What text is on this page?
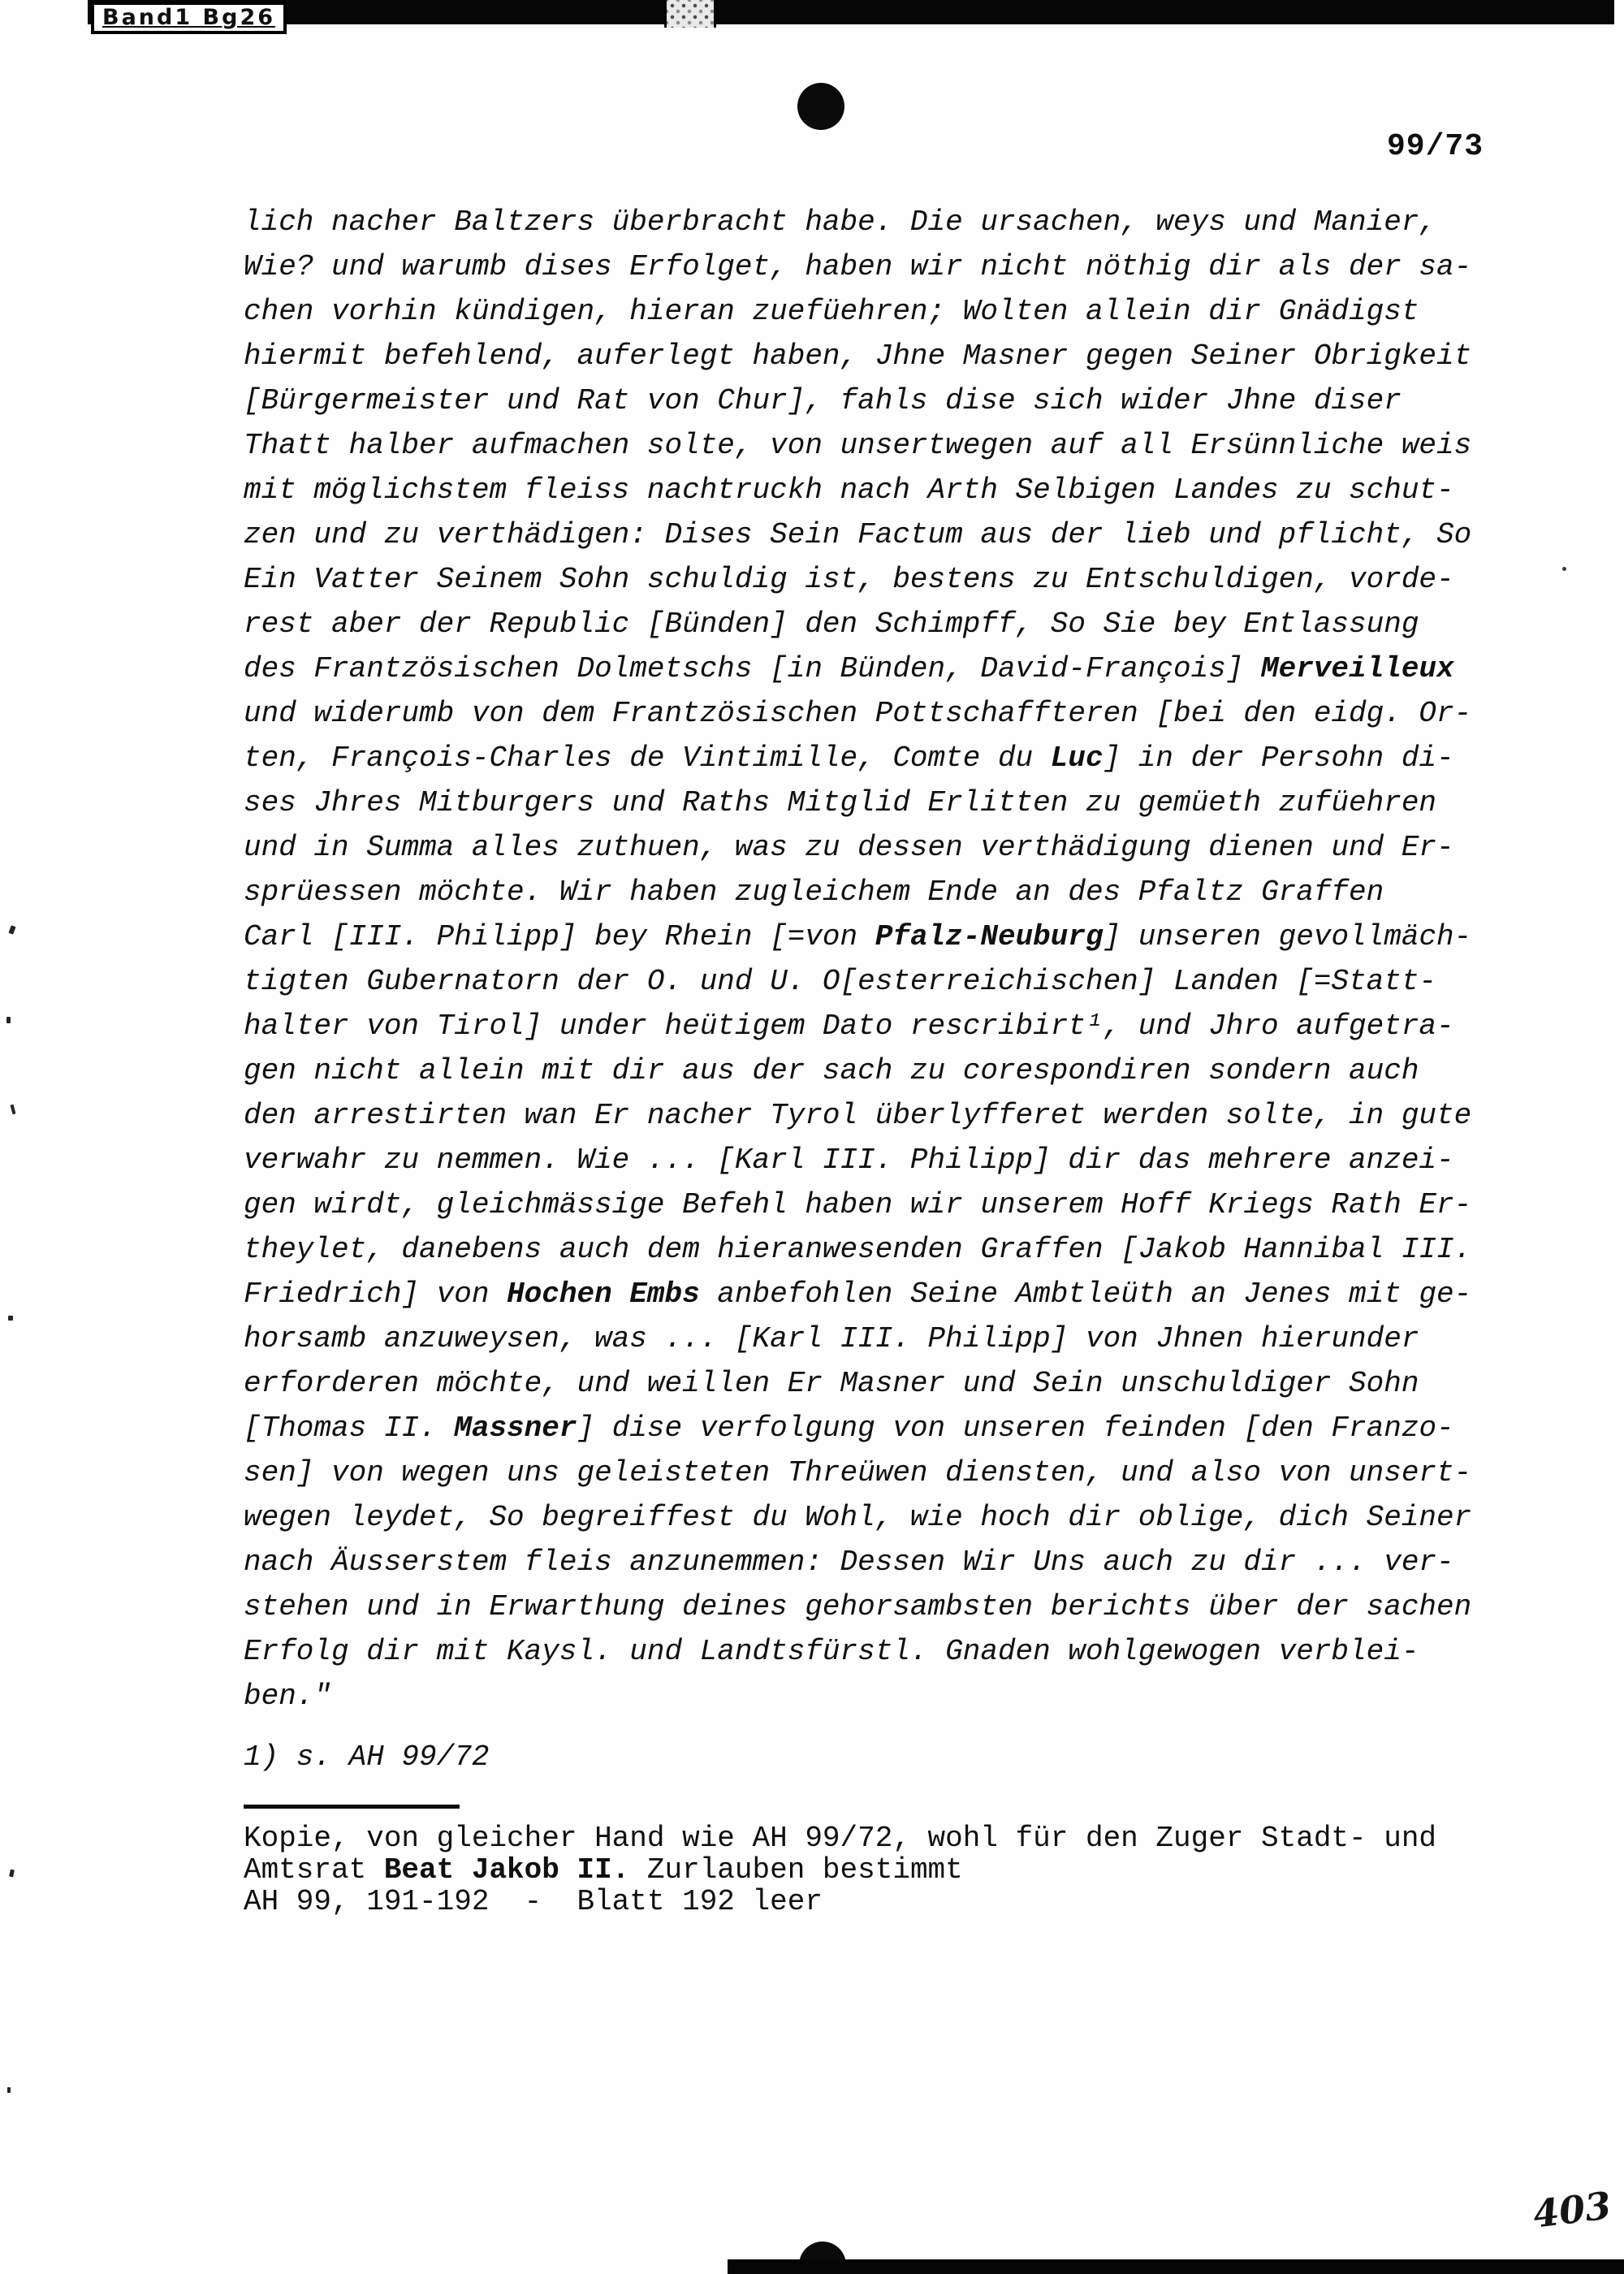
Band1 Bg26
99/73
lich nacher Baltzers überbracht habe. Die ursachen, weys und Manier,
Wie? und warumb dises Erfolget, haben wir nicht nöthig dir als der sa-
chen vorhin kündigen, hieran zuefüehren; Wolten allein dir Gnädigst
hiermit befehlend, auferlegt haben, Jhne Masner gegen Seiner Obrigkeit
[Bürgermeister und Rat von Chur], fahls dise sich wider Jhne diser
Thatt halber aufmachen solte, von unsertwegen auf all Ersünnliche weis
mit möglichstem fleiss nachtruckh nach Arth Selbigen Landes zu schut-
zen und zu verthädigen: Dises Sein Factum aus der lieb und pflicht, So
Ein Vatter Seinem Sohn schuldig ist, bestens zu Entschuldigen, vorde-
rest aber der Republic [Bünden] den Schimpff, So Sie bey Entlassung
des Frantzösischen Dolmetschs [in Bünden, David-François] Merveilleux
und widerumb von dem Frantzösischen Pottschaffteren [bei den eidg. Or-
ten, François-Charles de Vintimille, Comte du Luc] in der Persohn di-
ses Jhres Mitburgers und Raths Mitglid Erlitten zu gemüeth zufüehren
und in Summa alles zuthuen, was zu dessen verthädigung dienen und Er-
sprüessen möchte. Wir haben zugleichem Ende an des Pfaltz Graffen
Carl [III. Philipp] bey Rhein [=von Pfalz-Neuburg] unseren gevollmäch-
tigten Gubernatorn der O. und U. O[esterreichischen] Landen [=Statt-
halter von Tirol] under heütigem Dato rescribirt¹, und Jhro aufgetra-
gen nicht allein mit dir aus der sach zu corespondiren sondern auch
den arrestirten wan Er nacher Tyrol überlyfferet werden solte, in gute
verwahr zu nemmen. Wie ... [Karl III. Philipp] dir das mehrere anzei-
gen wirdt, gleichmässige Befehl haben wir unserem Hoff Kriegs Rath Er-
theylet, danebens auch dem hieranwesenden Graffen [Jakob Hannibal III.
Friedrich] von Hochen Embs anbefohlen Seine Ambtleüth an Jenes mit ge-
horsamb anzuweysen, was ... [Karl III. Philipp] von Jhnen hierunder
erforderen möchte, und weillen Er Masner und Sein unschuldiger Sohn
[Thomas II. Massner] dise verfolgung von unseren feinden [den Franzo-
sen] von wegen uns geleisteten Threüwen diensten, und also von unsert-
wegen leydet, So begreiffest du Wohl, wie hoch dir oblige, dich Seiner
nach Äusserstem fleis anzunemmen: Dessen Wir Uns auch zu dir ... ver-
stehen und in Erwarthung deines gehorsambsten berichts über der sachen
Erfolg dir mit Kaysl. und Landtsfürstl. Gnaden wohlgewogen verblei-
ben."
1) s. AH 99/72
Kopie, von gleicher Hand wie AH 99/72, wohl für den Zuger Stadt- und
Amtsrat Beat Jakob II. Zurlauben bestimmt
AH 99, 191-192  -  Blatt 192 leer
403
